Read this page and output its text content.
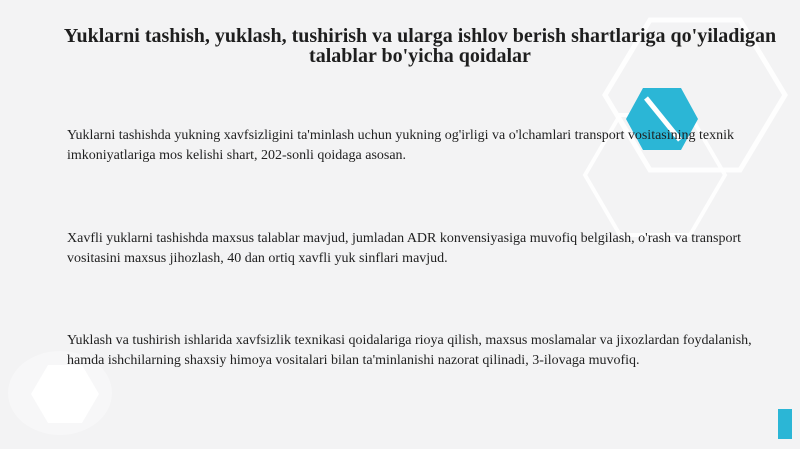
Yuklarni tashish, yuklash, tushirish va ularga ishlov berish shartlariga qo'yiladigan talablar bo'yicha qoidalar
Yuklarni tashishda yukning xavfsizligini ta'minlash uchun yukning og'irligi va o'lchamlari transport vositasining texnik imkoniyatlariga mos kelishi shart, 202-sonli qoidaga asosan.
Xavfli yuklarni tashishda maxsus talablar mavjud, jumladan ADR konvensiyasiga muvofiq belgilash, o'rash va transport vositasini maxsus jihozlash, 40 dan ortiq xavfli yuk sinflari mavjud.
Yuklash va tushirish ishlarida xavfsizlik texnikasi qoidalariga rioya qilish, maxsus moslamalar va jixozlardan foydalanish, hamda ishchilarning shaxsiy himoya vositalari bilan ta'minlanishi nazorat qilinadi, 3-ilovaga muvofiq.
